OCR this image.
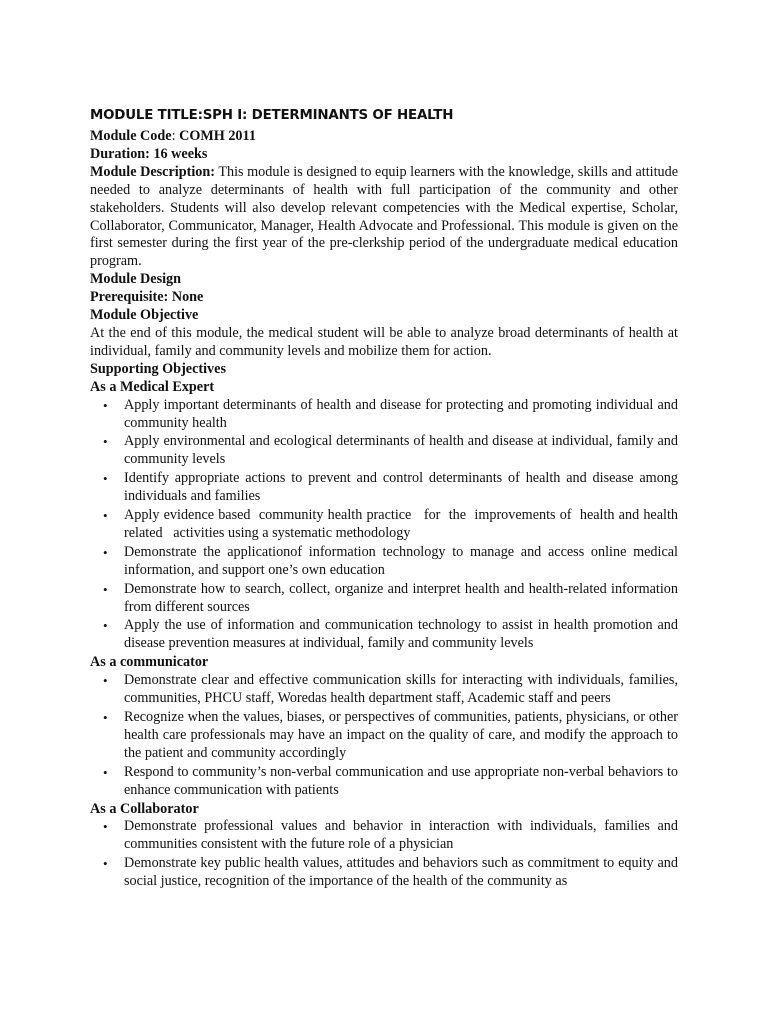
MODULE TITLE:SPH I: DETERMINANTS OF HEALTH
Module Code: COMH 2011
Duration: 16 weeks

Module Description: This module is designed to equip learners with the knowledge, skills and attitude needed to analyze determinants of health with full participation of the community and other stakeholders. Students will also develop relevant competencies with the Medical expertise, Scholar, Collaborator, Communicator, Manager, Health Advocate and Professional. This module is given on the first semester during the first year of the pre-clerkship period of the undergraduate medical education program.

Module Design
Prerequisite: None
Module Objective

At the end of this module, the medical student will be able to analyze broad determinants of health at individual, family and community levels and mobilize them for action.

Supporting Objectives
As a Medical Expert
• Apply important determinants of health and disease for protecting and promoting individual and community health
• Apply environmental and ecological determinants of health and disease at individual, family and community levels
• Identify appropriate actions to prevent and control determinants of health and disease among individuals and families
• Apply evidence based  community health practice   for  the  improvements of  health and health related   activities using a systematic methodology
• Demonstrate the applicationof information technology to manage and access online medical information, and support one’s own education
• Demonstrate how to search, collect, organize and interpret health and health-related information from different sources
• Apply the use of information and communication technology to assist in health promotion and disease prevention measures at individual, family and community levels
As a communicator
• Demonstrate clear and effective communication skills for interacting with individuals, families, communities, PHCU staff, Woredas health department staff, Academic staff and peers
• Recognize when the values, biases, or perspectives of communities, patients, physicians, or other health care professionals may have an impact on the quality of care, and modify the approach to the patient and community accordingly
• Respond to community’s non-verbal communication and use appropriate non-verbal behaviors to enhance communication with patients
As a Collaborator
• Demonstrate professional values and behavior in interaction with individuals, families and communities consistent with the future role of a physician
• Demonstrate key public health values, attitudes and behaviors such as commitment to equity and social justice, recognition of the importance of the health of the community as
